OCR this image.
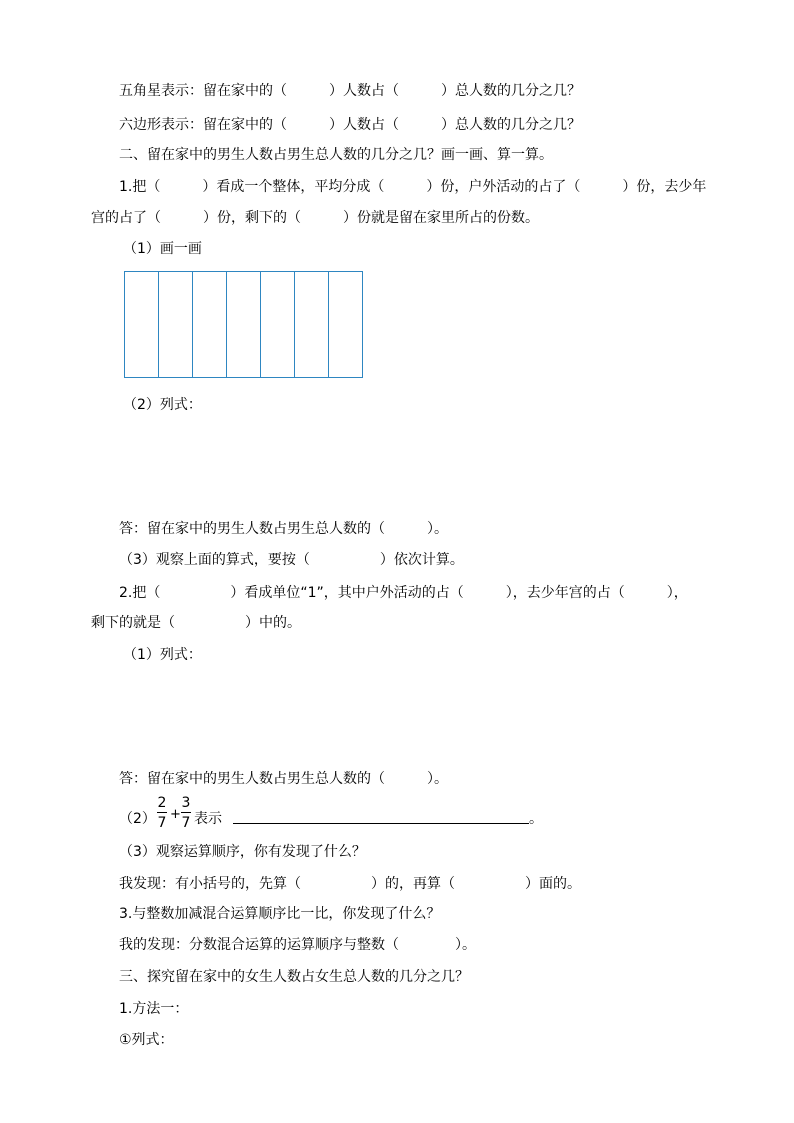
五角星表示：留在家中的（　　　）人数占（　　　）总人数的几分之几？
六边形表示：留在家中的（　　　）人数占（　　　）总人数的几分之几？
二、留在家中的男生人数占男生总人数的几分之几？画一画、算一算。
1.把（　　　）看成一个整体，平均分成（　　　）份，户外活动的占了（　　　）份，去少年
宫的占了（　　　）份，剩下的（　　　）份就是留在家里所占的份数。
（1）画一画
（2）列式：
答：留在家中的男生人数占男生总人数的（　　　）。
（3）观察上面的算式，要按（　　　　　）依次计算。
2.把（　　　　　）看成单位“1”，其中户外活动的占（　　　），去少年宫的占（　　　），
剩下的就是（　　　　　）中的。
（1）列式：
答：留在家中的男生人数占男生总人数的（　　　）。
（2）
2
7
+
3
7 表示	。
（3）观察运算顺序，你有发现了什么？
我发现：有小括号的，先算（　　　　　）的，再算（　　　　　）面的。
3.与整数加减混合运算顺序比一比，你发现了什么？
我的发现：分数混合运算的运算顺序与整数（　　　　）。
三、探究留在家中的女生人数占女生总人数的几分之几？
1.方法一：
①列式：
